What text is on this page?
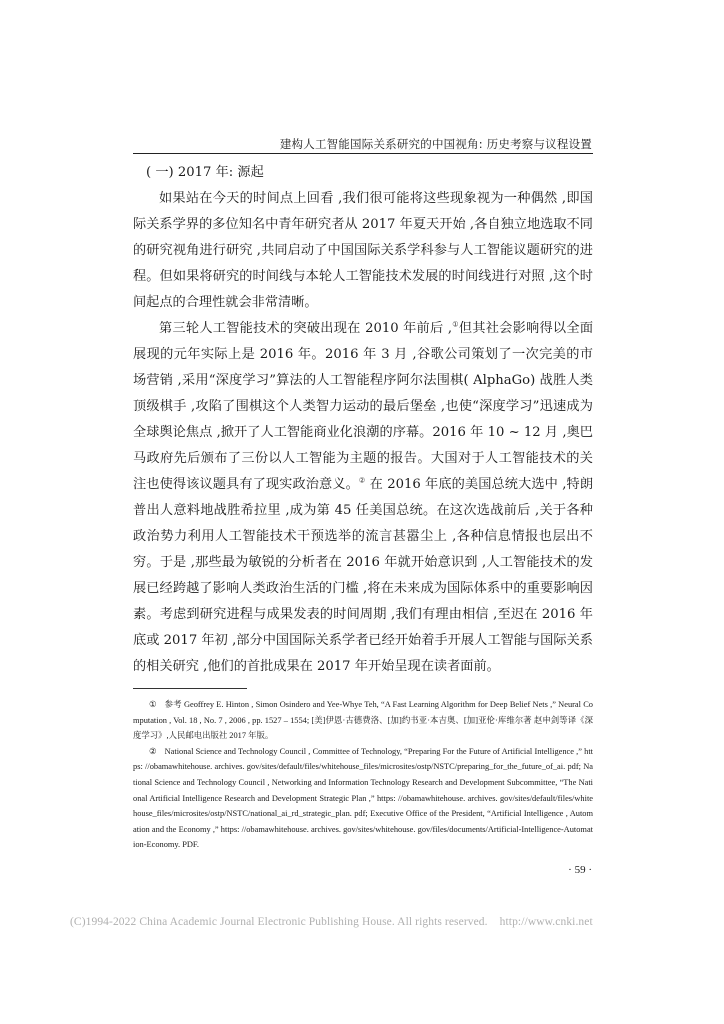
建构人工智能国际关系研究的中国视角: 历史考察与议程设置

( 一) 2017 年: 源起

如果站在今天的时间点上回看 ,我们很可能将这些现象视为一种偶然 ,即国际关系学界的多位知名中青年研究者从 2017 年夏天开始 ,各自独立地选取不同的研究视角进行研究 ,共同启动了中国国际关系学科参与人工智能议题研究的进程。但如果将研究的时间线与本轮人工智能技术发展的时间线进行对照 ,这个时间起点的合理性就会非常清晰。

第三轮人工智能技术的突破出现在 2010 年前后 ,①但其社会影响得以全面展现的元年实际上是 2016 年。2016 年 3 月 ,谷歌公司策划了一次完美的市场营销 ,采用“深度学习”算法的人工智能程序阿尔法围棋( AlphaGo) 战胜人类顶级棋手 ,攻陷了围棋这个人类智力运动的最后堡垒 ,也使“深度学习”迅速成为全球舆论焦点 ,掀开了人工智能商业化浪潮的序幕。2016 年 10 ~ 12 月 ,奥巴马政府先后颁布了三份以人工智能为主题的报告。大国对于人工智能技术的关注也使得该议题具有了现实政治意义。② 在 2016 年底的美国总统大选中 ,特朗普出人意料地战胜希拉里 ,成为第 45 任美国总统。在这次选战前后 ,关于各种政治势力利用人工智能技术干预选举的流言甚嚣尘上 ,各种信息情报也层出不穷。于是 ,那些最为敏锐的分析者在 2016 年就开始意识到 ,人工智能技术的发展已经跨越了影响人类政治生活的门槛 ,将在未来成为国际体系中的重要影响因素。考虑到研究进程与成果发表的时间周期 ,我们有理由相信 ,至迟在 2016 年底或 2017 年初 ,部分中国国际关系学者已经开始着手开展人工智能与国际关系的相关研究 ,他们的首批成果在 2017 年开始呈现在读者面前。

① 参考 Geoffrey E. Hinton , Simon Osindero and Yee-Whye Teh, “A Fast Learning Algorithm for Deep Belief Nets ,” Neural Computation , Vol. 18 , No. 7 , 2006 , pp. 1527 – 1554; [美]伊恩·古德费洛、[加]约书亚·本吉奥、[加]亚伦·库维尔著 赵申剑等译《深度学习》,人民邮电出版社 2017 年版。

② National Science and Technology Council , Committee of Technology, “Preparing For the Future of Artificial Intelligence ,” https: //obamawhitehouse. archives. gov/sites/default/files/whitehouse_files/microsites/ostp/NSTC/preparing_for_the_future_of_ai. pdf; National Science and Technology Council , Networking and Information Technology Research and Development Subcommittee, “The National Artificial Intelligence Research and Development Strategic Plan ,” https: //obamawhitehouse. archives. gov/sites/default/files/whitehouse_files/microsites/ostp/NSTC/national_ai_rd_strategic_plan. pdf; Executive Office of the President, “Artificial Intelligence , Automation and the Economy ,” https: //obamawhitehouse. archives. gov/sites/whitehouse. gov/files/documents/Artificial-Intelligence-Automation-Economy. PDF.

· 59 ·
(C)1994-2022 China Academic Journal Electronic Publishing House. All rights reserved. http://www.cnki.net
